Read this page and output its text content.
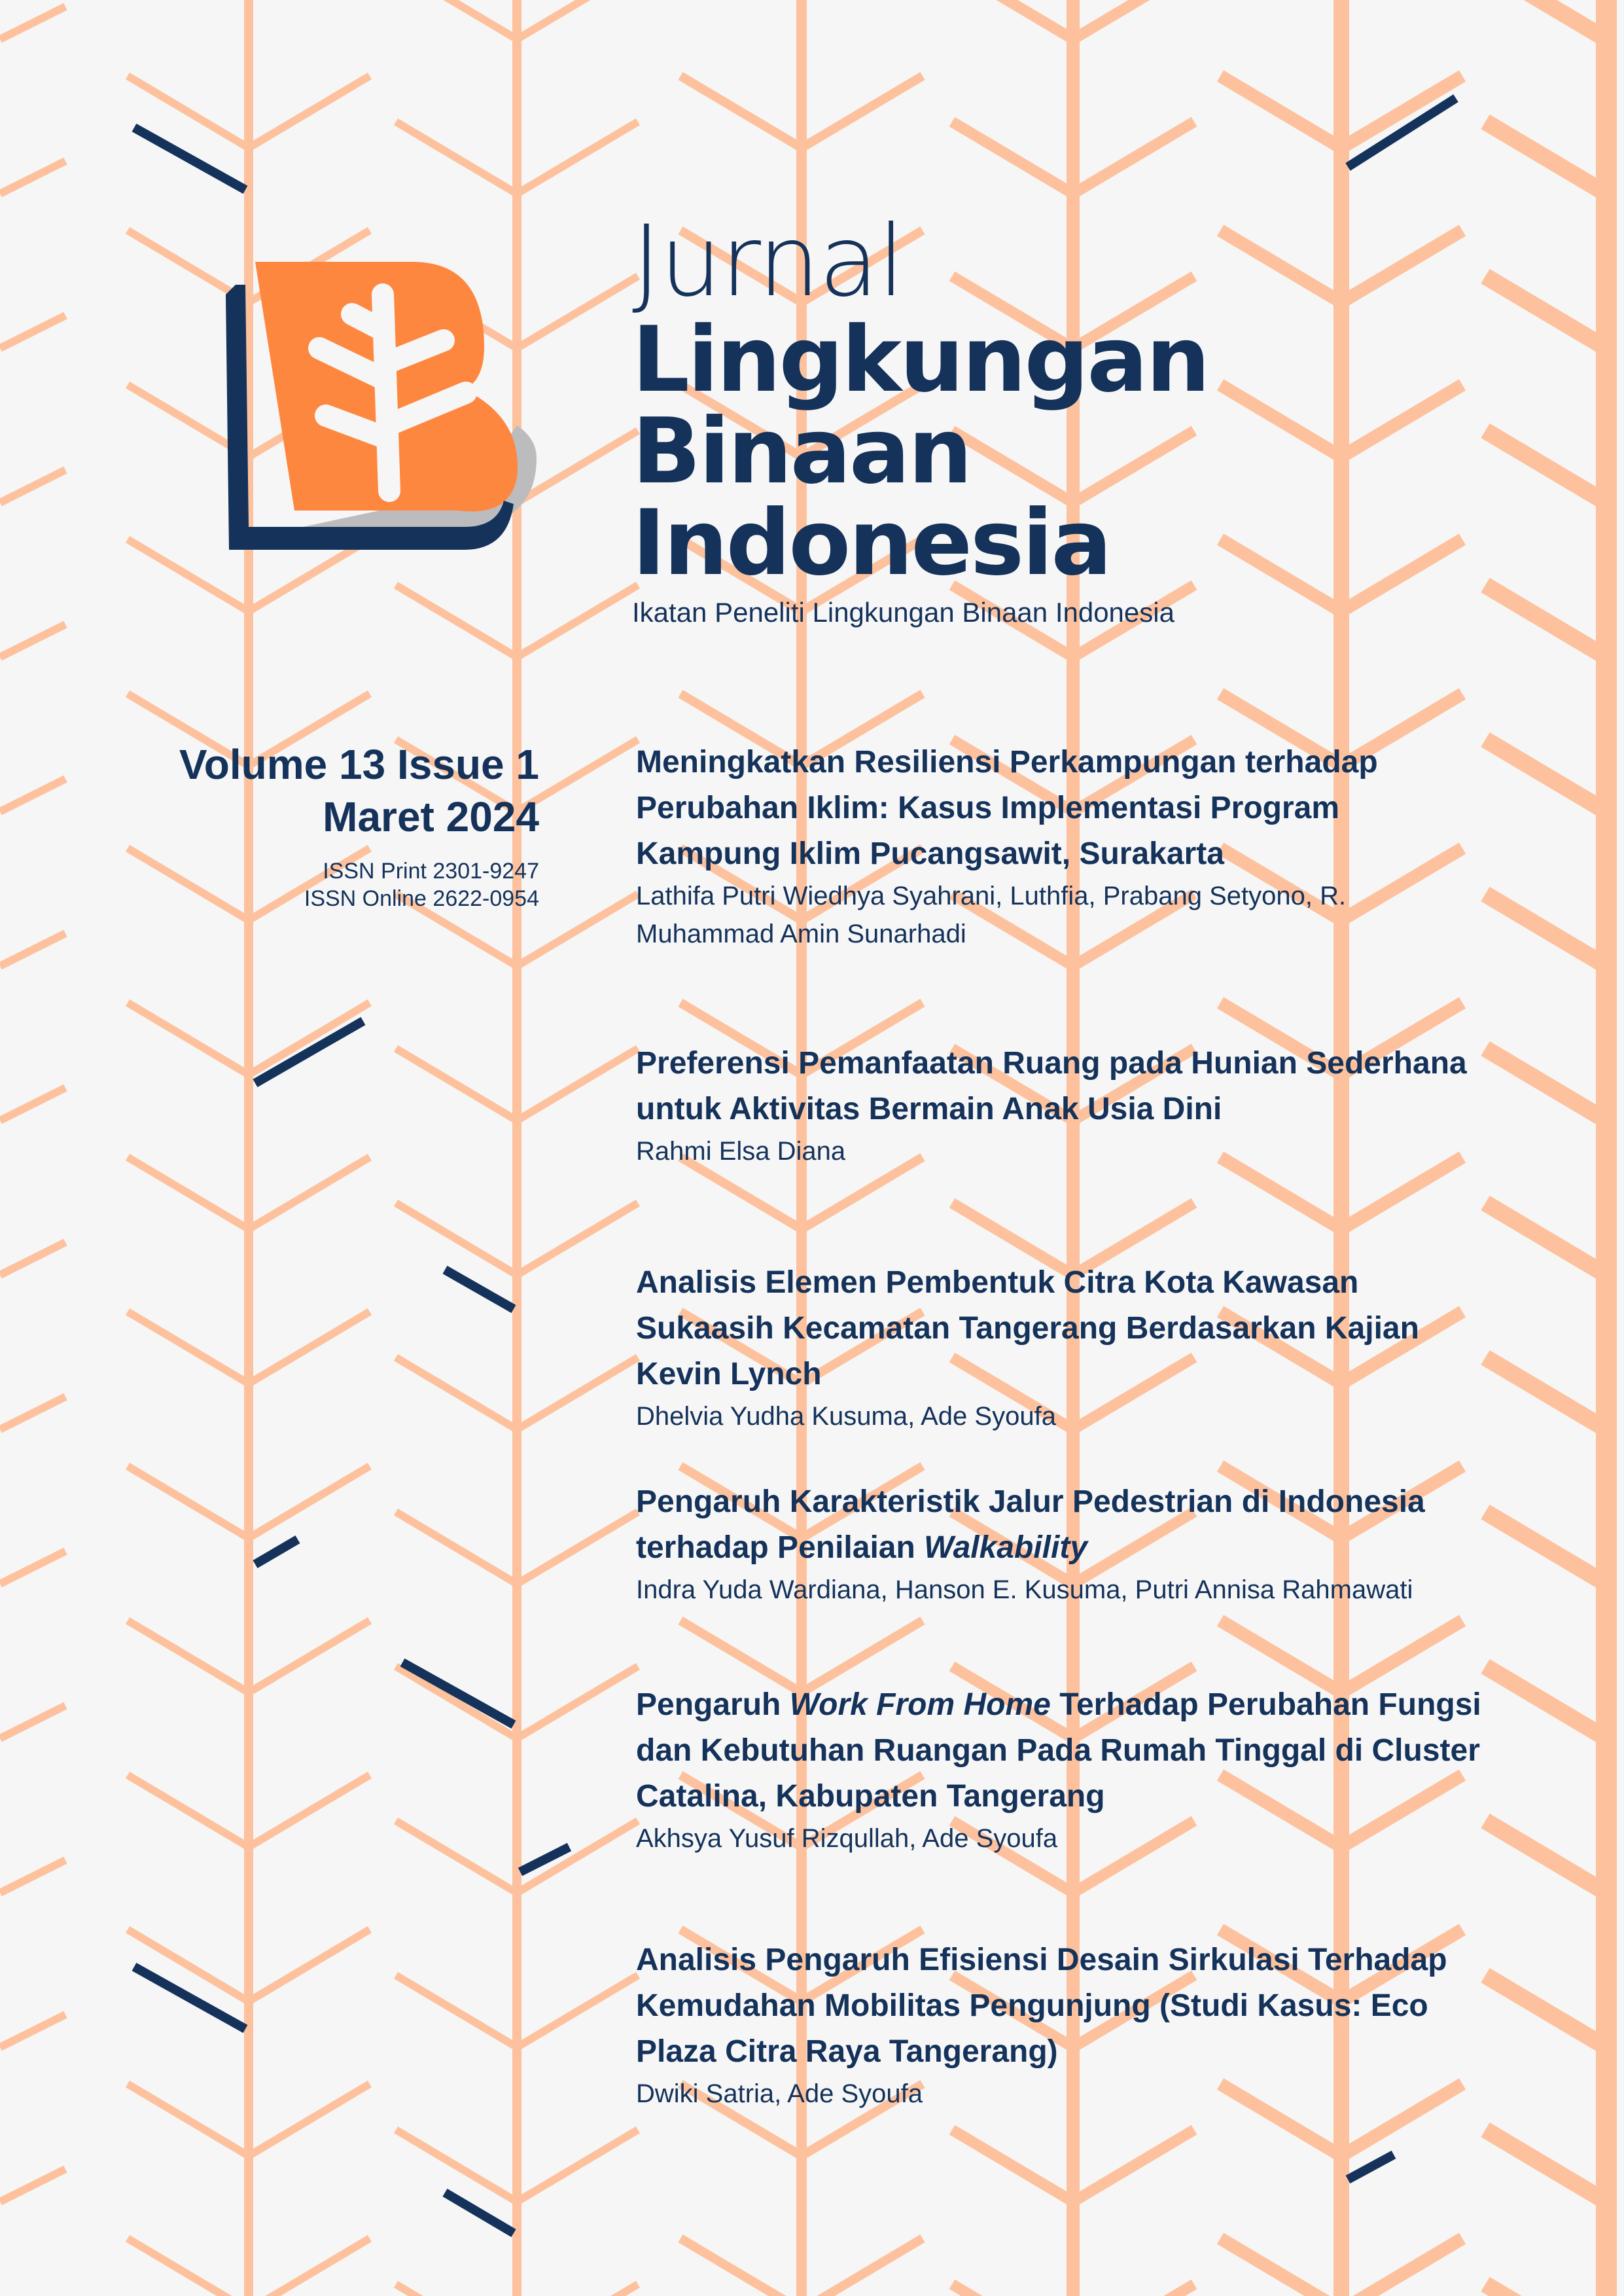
Jurnal
Lingkungan
Binaan
Indonesia
Ikatan Peneliti Lingkungan Binaan Indonesia
Volume 13 Issue 1
Maret 2024
ISSN Print 2301-9247
ISSN Online 2622-0954
Meningkatkan Resiliensi Perkampungan terhadap Perubahan Iklim: Kasus Implementasi Program Kampung Iklim Pucangsawit, Surakarta
Lathifa Putri Wiedhya Syahrani, Luthfia, Prabang Setyono, R. Muhammad Amin Sunarhadi
Preferensi Pemanfaatan Ruang pada Hunian Sederhana untuk Aktivitas Bermain Anak Usia Dini
Rahmi Elsa Diana
Analisis Elemen Pembentuk Citra Kota Kawasan Sukaasih Kecamatan Tangerang Berdasarkan Kajian Kevin Lynch
Dhelvia Yudha Kusuma, Ade Syoufa
Pengaruh Karakteristik Jalur Pedestrian di Indonesia terhadap Penilaian Walkability
Indra Yuda Wardiana, Hanson E. Kusuma, Putri Annisa Rahmawati
Pengaruh Work From Home Terhadap Perubahan Fungsi dan Kebutuhan Ruangan Pada Rumah Tinggal di Cluster Catalina, Kabupaten Tangerang
Akhsya Yusuf Rizqullah, Ade Syoufa
Analisis Pengaruh Efisiensi Desain Sirkulasi Terhadap Kemudahan Mobilitas Pengunjung (Studi Kasus: Eco Plaza Citra Raya Tangerang)
Dwiki Satria, Ade Syoufa
